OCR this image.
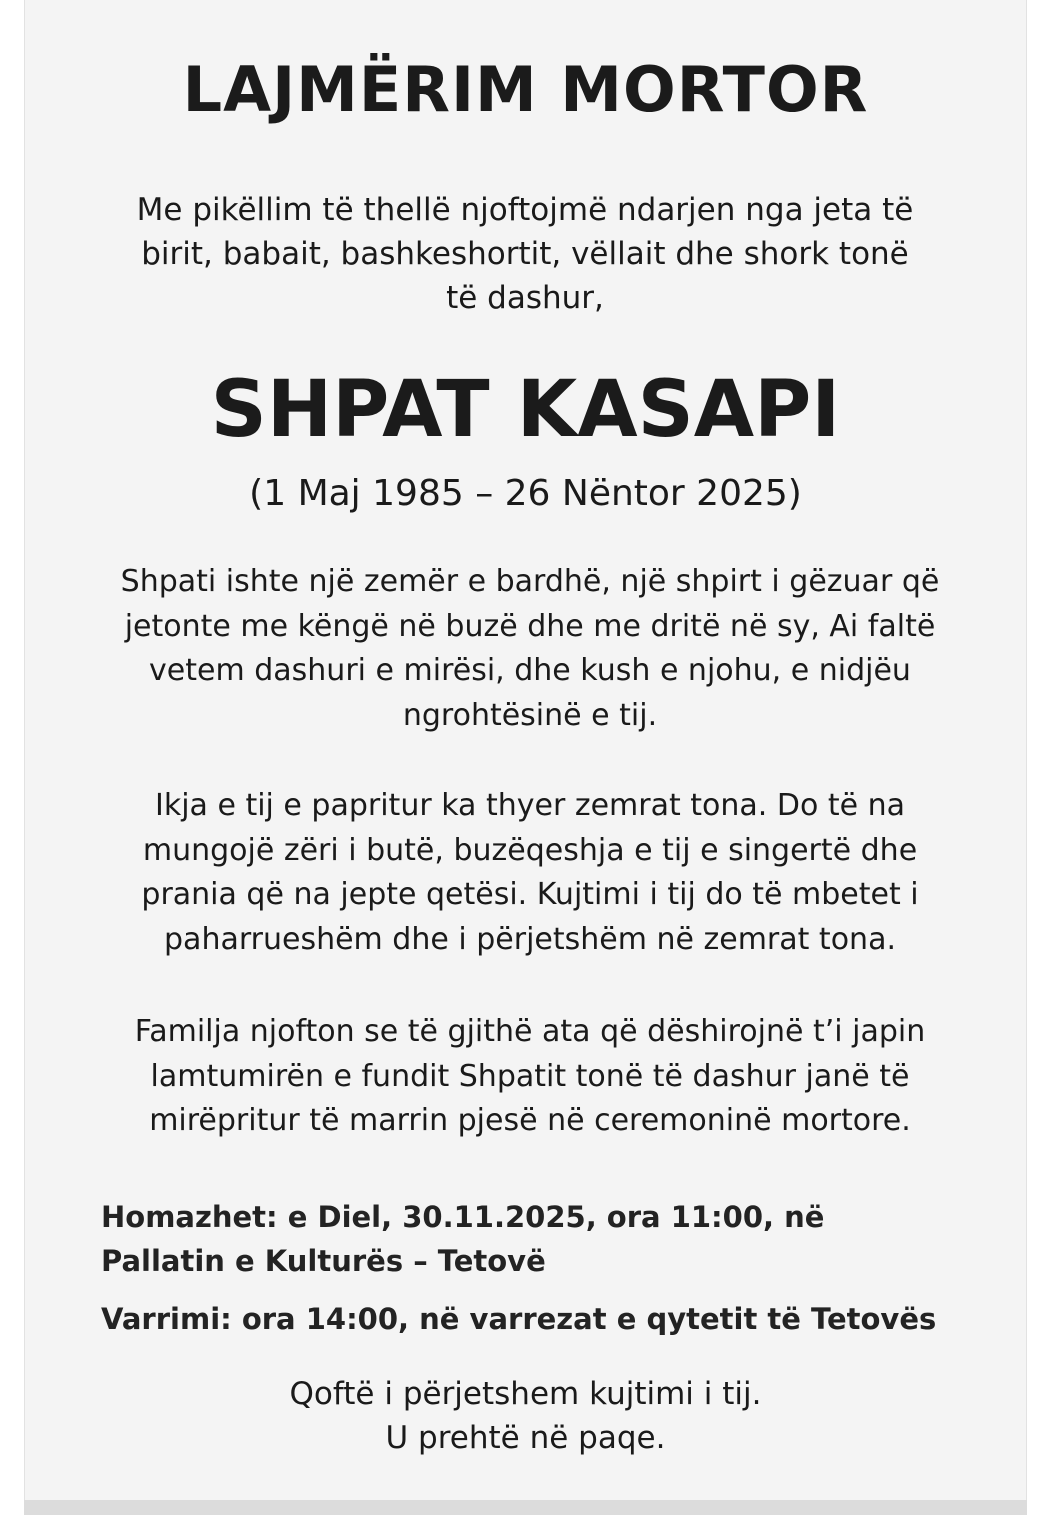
LAJMËRIM MORTOR
Me pikëllim të thellë njoftojmë ndarjen nga jeta të
birit, babait, bashkeshortit, vëllait dhe shork tonë
të dashur,
SHPAT KASAPI
(1 Maj 1985 – 26 Nëntor 2025)
Shpati ishte një zemër e bardhë, një shpirt i gëzuar që
jetonte me këngë në buzë dhe me dritë në sy, Ai faltë
vetem dashuri e mirësi, dhe kush e njohu, e nidjëu
ngrohtësinë e tij.
Ikja e tij e papritur ka thyer zemrat tona. Do të na
mungojë zëri i butë, buzëqeshja e tij e singertë dhe
prania që na jepte qetësi. Kujtimi i tij do të mbetet i
paharrueshëm dhe i përjetshëm në zemrat tona.
Familja njofton se të gjithë ata që dëshirojnë t’i japin
lamtumirën e fundit Shpatit tonë të dashur janë të
mirëpritur të marrin pjesë në ceremoninë mortore.
Homazhet: e Diel, 30.11.2025, ora 11:00, në
Pallatin e Kulturës – Tetovë
Varrimi: ora 14:00, në varrezat e qytetit të Tetovës
Qoftë i përjetshem kujtimi i tij.
U prehtë në paqe.
